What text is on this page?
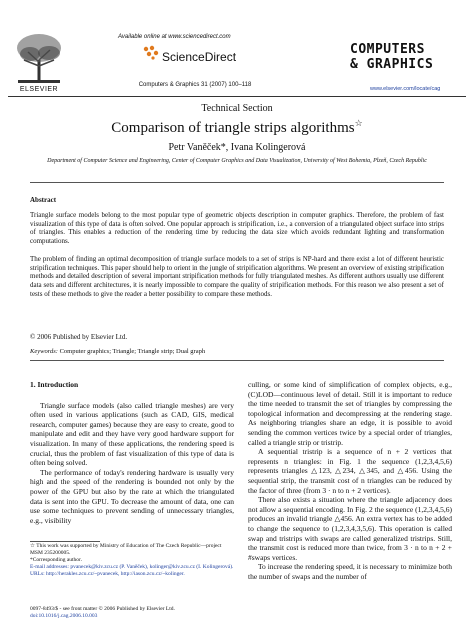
ELSEVIER
Available online at www.sciencedirect.com
ScienceDirect
Computers & Graphics 31 (2007) 100–118
COMPUTERS
& GRAPHICS
www.elsevier.com/locate/cag
Technical Section
Comparison of triangle strips algorithms☆
Petr Vaněček*, Ivana Kolingerová
Department of Computer Science and Engineering, Center of Computer Graphics and Data Visualization, University of West Bohemia, Plzeň, Czech Republic
Abstract
Triangle surface models belong to the most popular type of geometric objects description in computer graphics. Therefore, the problem of fast visualization of this type of data is often solved. One popular approach is stripification, i.e., a conversion of a triangulated object surface into strips of triangles. This enables a reduction of the rendering time by reducing the data size which avoids redundant lighting and transformation computations.
The problem of finding an optimal decomposition of triangle surface models to a set of strips is NP-hard and there exist a lot of different heuristic stripification techniques. This paper should help to orient in the jungle of stripification algorithms. We present an overview of existing stripification methods and detailed description of several important stripification methods for fully triangulated meshes. As different authors usually use different data sets and different architectures, it is nearly impossible to compare the quality of stripification methods. For this reason we also present a set of tests of these methods to give the reader a better possibility to compare these methods.
© 2006 Published by Elsevier Ltd.
Keywords: Computer graphics; Triangle; Triangle strip; Dual graph
1. Introduction

Triangle surface models (also called triangle meshes) are very often used in various applications (such as CAD, GIS, medical research, computer games) because they are easy to create, good to manipulate and edit and they have very good hardware support for visualization. In many of these applications, the rendering speed is crucial, thus the problem of fast visualization of this type of data is often being solved.

The performance of today's rendering hardware is usually very high and the speed of the rendering is bounded not only by the power of the GPU but also by the rate at which the triangulated data is sent into the GPU. To decrease the amount of data, one can use some techniques to prevent sending of unnecessary triangles, e.g., visibility

culling, or some kind of simplification of complex objects, e.g., (C)LOD—continuous level of detail. Still it is important to reduce the time needed to transmit the set of triangles by compressing the topological information and decompressing at the rendering stage. As neighboring triangles share an edge, it is possible to avoid sending the common vertices twice by a special order of triangles, called a triangle strip or tristrip.

A sequential tristrip is a sequence of n + 2 vertices that represents n triangles: in Fig. 1 the sequence (1,2,3,4,5,6) represents triangles △123, △234, △345, and △456. Using the sequential strip, the transmit cost of n triangles can be reduced by the factor of three (from 3 · n to n + 2 vertices).

There also exists a situation where the triangle adjacency does not allow a sequential encoding. In Fig. 2 the sequence (1,2,3,4,5,6) produces an invalid triangle △456. An extra vertex has to be added to change the sequence to (1,2,3,4,3,5,6). This operation is called swap and tristrips with swaps are called generalized tristrips. Still, the transmit cost is reduced more than twice, from 3 · n to n + 2 + #swaps vertices.

To increase the rendering speed, it is necessary to minimize both the number of swaps and the number of

☆ This work was supported by Ministry of Education of The Czech Republic—project MSM 235200005.
*Corresponding author.
E-mail addresses: pvanecek@kiv.zcu.cz (P. Vaněček), kolinger@kiv.zcu.cz (I. Kolingerová).
URLs: http://herakles.zcu.cz/~pvanecek, http://iason.zcu.cz/~kolinger.
0097-8493/$ - see front matter © 2006 Published by Elsevier Ltd.
doi:10.1016/j.cag.2006.10.003
